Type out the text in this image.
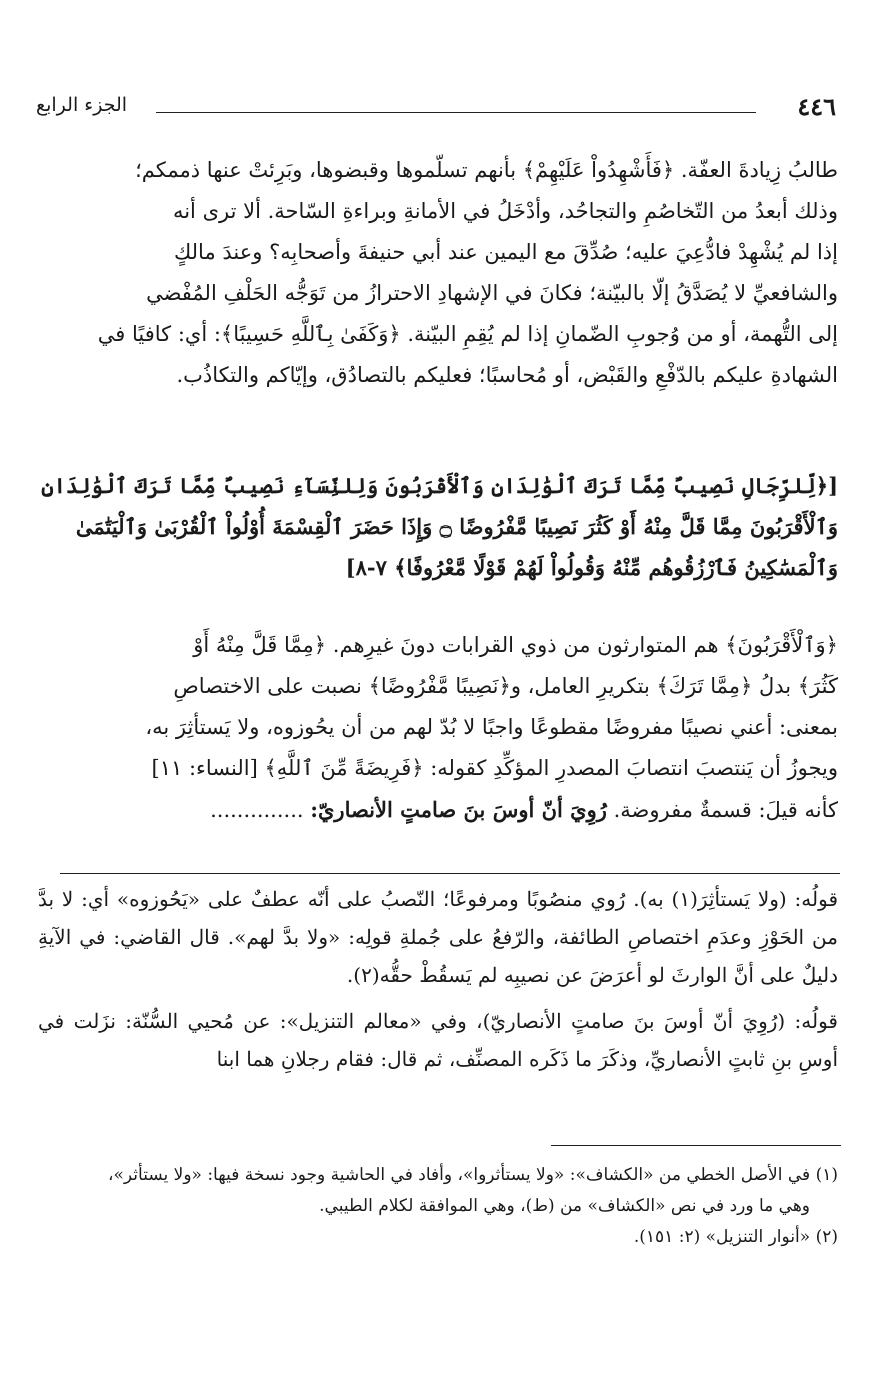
٤٤٦
الجزء الرابع

طالبُ زِيادةَ العفّة. ﴿فَأَشْهِدُواْ عَلَيْهِمْ﴾ بأنهم تسلّموها وقبضوها، وبَرِئتْ عنها ذممكم؛

وذلك أبعدُ من التّخاصُمِ والتجاحُد، وأدْخَلُ في الأمانةِ وبراءةِ السّاحة. ألا ترى أنه

إذا لم يُشْهِدْ فادُّعِيَ عليه؛ صُدِّقَ مع اليمين عند أبي حنيفةَ وأصحابِه؟ وعندَ مالكٍ

والشافعيِّ لا يُصَدَّقُ إلّا بالبيّنة؛ فكانَ في الإشهادِ الاحترازُ من تَوَجُّه الحَلْفِ المُفْضي

إلى التُّهمة، أو من وُجوبِ الضّمانِ إذا لم يُقِمِ البيّنة. ﴿وَكَفَىٰ بِٱللَّهِ حَسِيبًا﴾: أي: كافيًا في

الشهادةِ عليكم بالدّفْعِ والقَبْض، أو مُحاسبًا؛ فعليكم بالتصادُق، وإيّاكم والتكاذُب.

[﴿لِّلرِّجَالِ نَصِيبٌ مِّمَّا تَرَكَ ٱلْوَٰلِدَانِ وَٱلْأَقْرَبُونَ وَلِلنِّسَآءِ نَصِيبٌ مِّمَّا تَرَكَ ٱلْوَٰلِدَانِ

وَٱلْأَقْرَبُونَ مِمَّا قَلَّ مِنْهُ أَوْ كَثُرَ نَصِيبًا مَّفْرُوضًا ۝ وَإِذَا حَضَرَ ٱلْقِسْمَةَ أُوْلُواْ ٱلْقُرْبَىٰ وَٱلْيَتَٰمَىٰ

وَٱلْمَسَٰكِينُ فَٱرْزُقُوهُم مِّنْهُ وَقُولُواْ لَهُمْ قَوْلًا مَّعْرُوفًا﴾ ٧-٨]

﴿وَٱلْأَقْرَبُونَ﴾ هم المتوارثون من ذوي القرابات دونَ غيرِهم. ﴿مِمَّا قَلَّ مِنْهُ أَوْ

كَثُرَ﴾ بدلُ ﴿مِمَّا تَرَكَ﴾ بتكريرِ العامل، و﴿نَصِيبًا مَّفْرُوضًا﴾ نصبت على الاختصاصِ

بمعنى: أعني نصيبًا مفروضًا مقطوعًا واجبًا لا بُدّ لهم من أن يحُوزوه، ولا يَستأثِرَ به،

ويجوزُ أن يَنتصبَ انتصابَ المصدرِ المؤكِّدِ كقوله: ﴿فَرِيضَةً مِّنَ ٱللَّهِ﴾ [النساء: ١١]

كأنه قيلَ: قسمةٌ مفروضة. رُوِيَ أنّ أوسَ بنَ صامتٍ الأنصاريّ: ..............

قولُه: (ولا يَستأثِرَ(١) به). رُوي منصُوبًا ومرفوعًا؛ النّصبُ على أنّه عطفٌ على «يَحُوزوه» أي: لا بدَّ من الحَوْزِ وعدَمِ اختصاصِ الطائفة، والرّفعُ على جُملةِ قولِه: «ولا بدَّ لهم». قال القاضي: في الآيةِ دليلٌ على أنَّ الوارثَ لو أعرَضَ عن نصيبِه لم يَسقُطْ حقُّه(٢).

قولُه: (رُوِيَ أنّ أوسَ بنَ صامتٍ الأنصاريّ)، وفي «معالم التنزيل»: عن مُحيي السُّنّة: نزَلت في أوسِ بنِ ثابتٍ الأنصاريِّ، وذكَرَ ما ذَكَره المصنِّف، ثم قال: فقام رجلانِ هما ابنا

(١) في الأصل الخطي من «الكشاف»: «ولا يستأثروا»، وأفاد في الحاشية وجود نسخة فيها: «ولا يستأثر»،

وهي ما ورد في نص «الكشاف» من (ط)، وهي الموافقة لكلام الطيبي.

(٢) «أنوار التنزيل» (٢: ١٥١).
